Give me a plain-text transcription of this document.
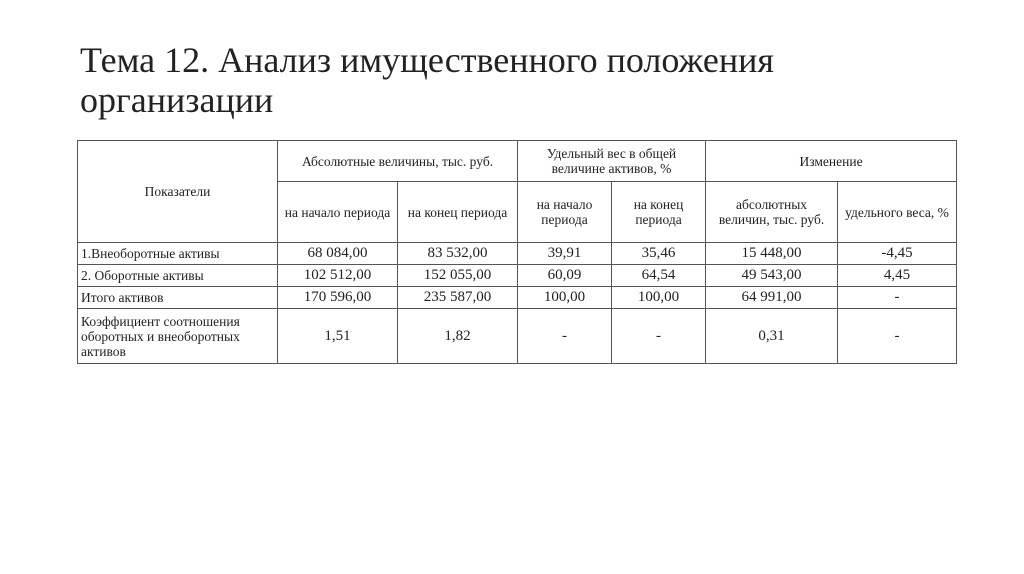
Тема 12. Анализ имущественного положения
организации
Показатели	Абсолютные величины, тыс. руб.		Удельный вес в общей величине активов, %		Изменение	
	на начало периода	на конец периода	на начало периода	на конец периода	абсолютных величин, тыс. руб.	удельного веса, %
1.Внеоборотные активы	68 084,00	83 532,00	39,91	35,46	15 448,00	-4,45
2. Оборотные активы	102 512,00	152 055,00	60,09	64,54	49 543,00	4,45
Итого активов	170 596,00	235 587,00	100,00	100,00	64 991,00	-
Коэффициент соотношения оборотных и внеоборотных активов	1,51	1,82	-	-	0,31	-
